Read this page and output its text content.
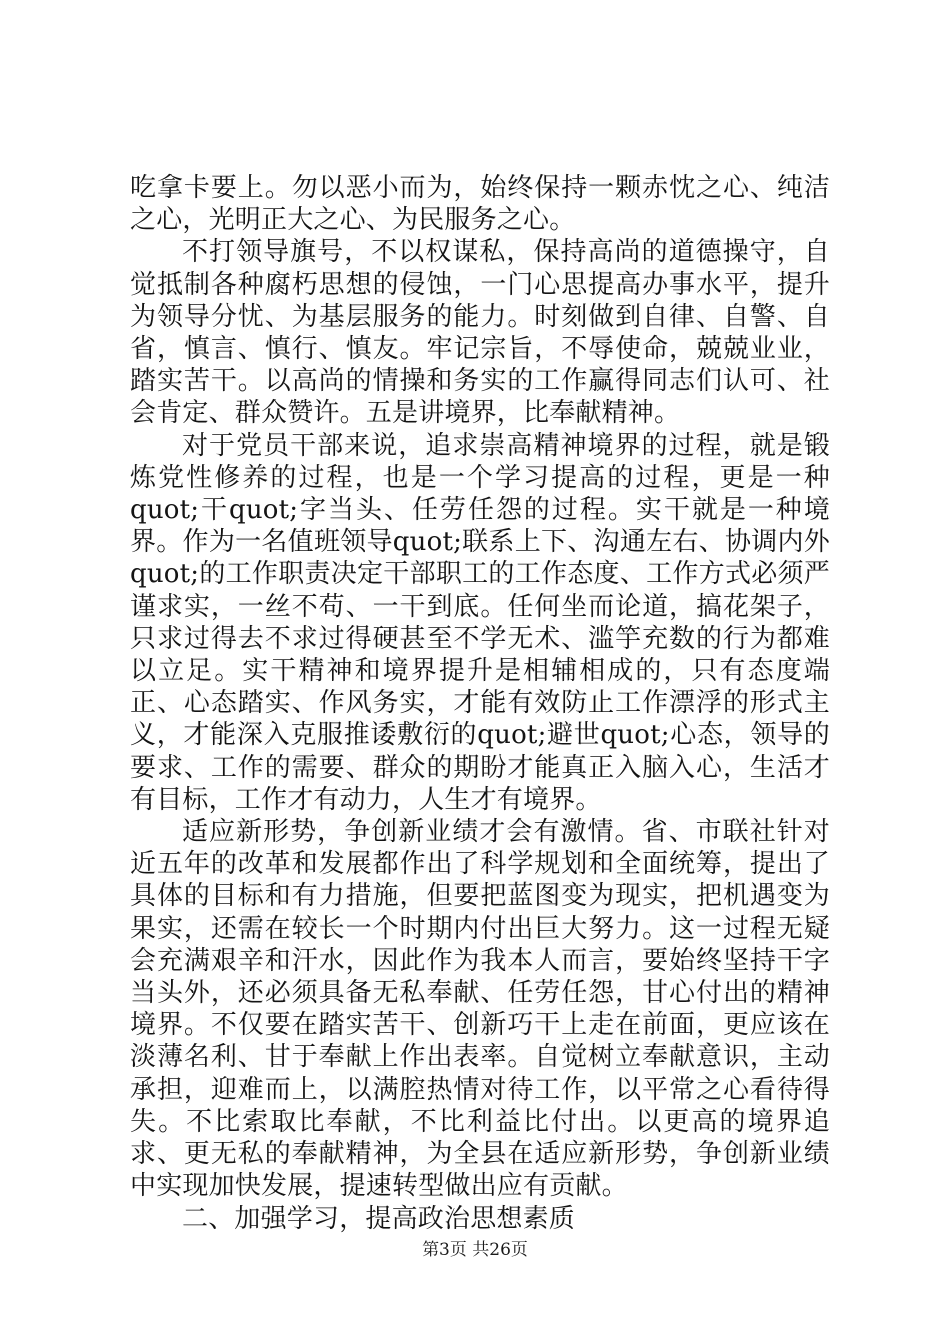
吃拿卡要上。勿以恶小而为，始终保持一颗赤忱之心、纯洁之心，光明正大之心、为民服务之心。

不打领导旗号，不以权谋私，保持高尚的道德操守，自觉抵制各种腐朽思想的侵蚀，一门心思提高办事水平，提升为领导分忧、为基层服务的能力。时刻做到自律、自警、自省，慎言、慎行、慎友。牢记宗旨，不辱使命，兢兢业业，踏实苦干。以高尚的情操和务实的工作赢得同志们认可、社会肯定、群众赞许。五是讲境界，比奉献精神。

对于党员干部来说，追求崇高精神境界的过程，就是锻炼党性修养的过程，也是一个学习提高的过程，更是一种quot;干quot;字当头、任劳任怨的过程。实干就是一种境界。作为一名值班领导quot;联系上下、沟通左右、协调内外quot;的工作职责决定干部职工的工作态度、工作方式必须严谨求实，一丝不苟、一干到底。任何坐而论道，搞花架子，只求过得去不求过得硬甚至不学无术、滥竽充数的行为都难以立足。实干精神和境界提升是相辅相成的，只有态度端正、心态踏实、作风务实，才能有效防止工作漂浮的形式主义，才能深入克服推诿敷衍的quot;避世quot;心态，领导的要求、工作的需要、群众的期盼才能真正入脑入心，生活才有目标，工作才有动力，人生才有境界。

适应新形势，争创新业绩才会有激情。省、市联社针对近五年的改革和发展都作出了科学规划和全面统筹，提出了具体的目标和有力措施，但要把蓝图变为现实，把机遇变为果实，还需在较长一个时期内付出巨大努力。这一过程无疑会充满艰辛和汗水，因此作为我本人而言，要始终坚持干字当头外，还必须具备无私奉献、任劳任怨，甘心付出的精神境界。不仅要在踏实苦干、创新巧干上走在前面，更应该在淡薄名利、甘于奉献上作出表率。自觉树立奉献意识，主动承担，迎难而上，以满腔热情对待工作，以平常之心看待得失。不比索取比奉献，不比利益比付出。以更高的境界追求、更无私的奉献精神，为全县在适应新形势，争创新业绩中实现加快发展，提速转型做出应有贡献。

二、加强学习，提高政治思想素质

第3页 共26页
